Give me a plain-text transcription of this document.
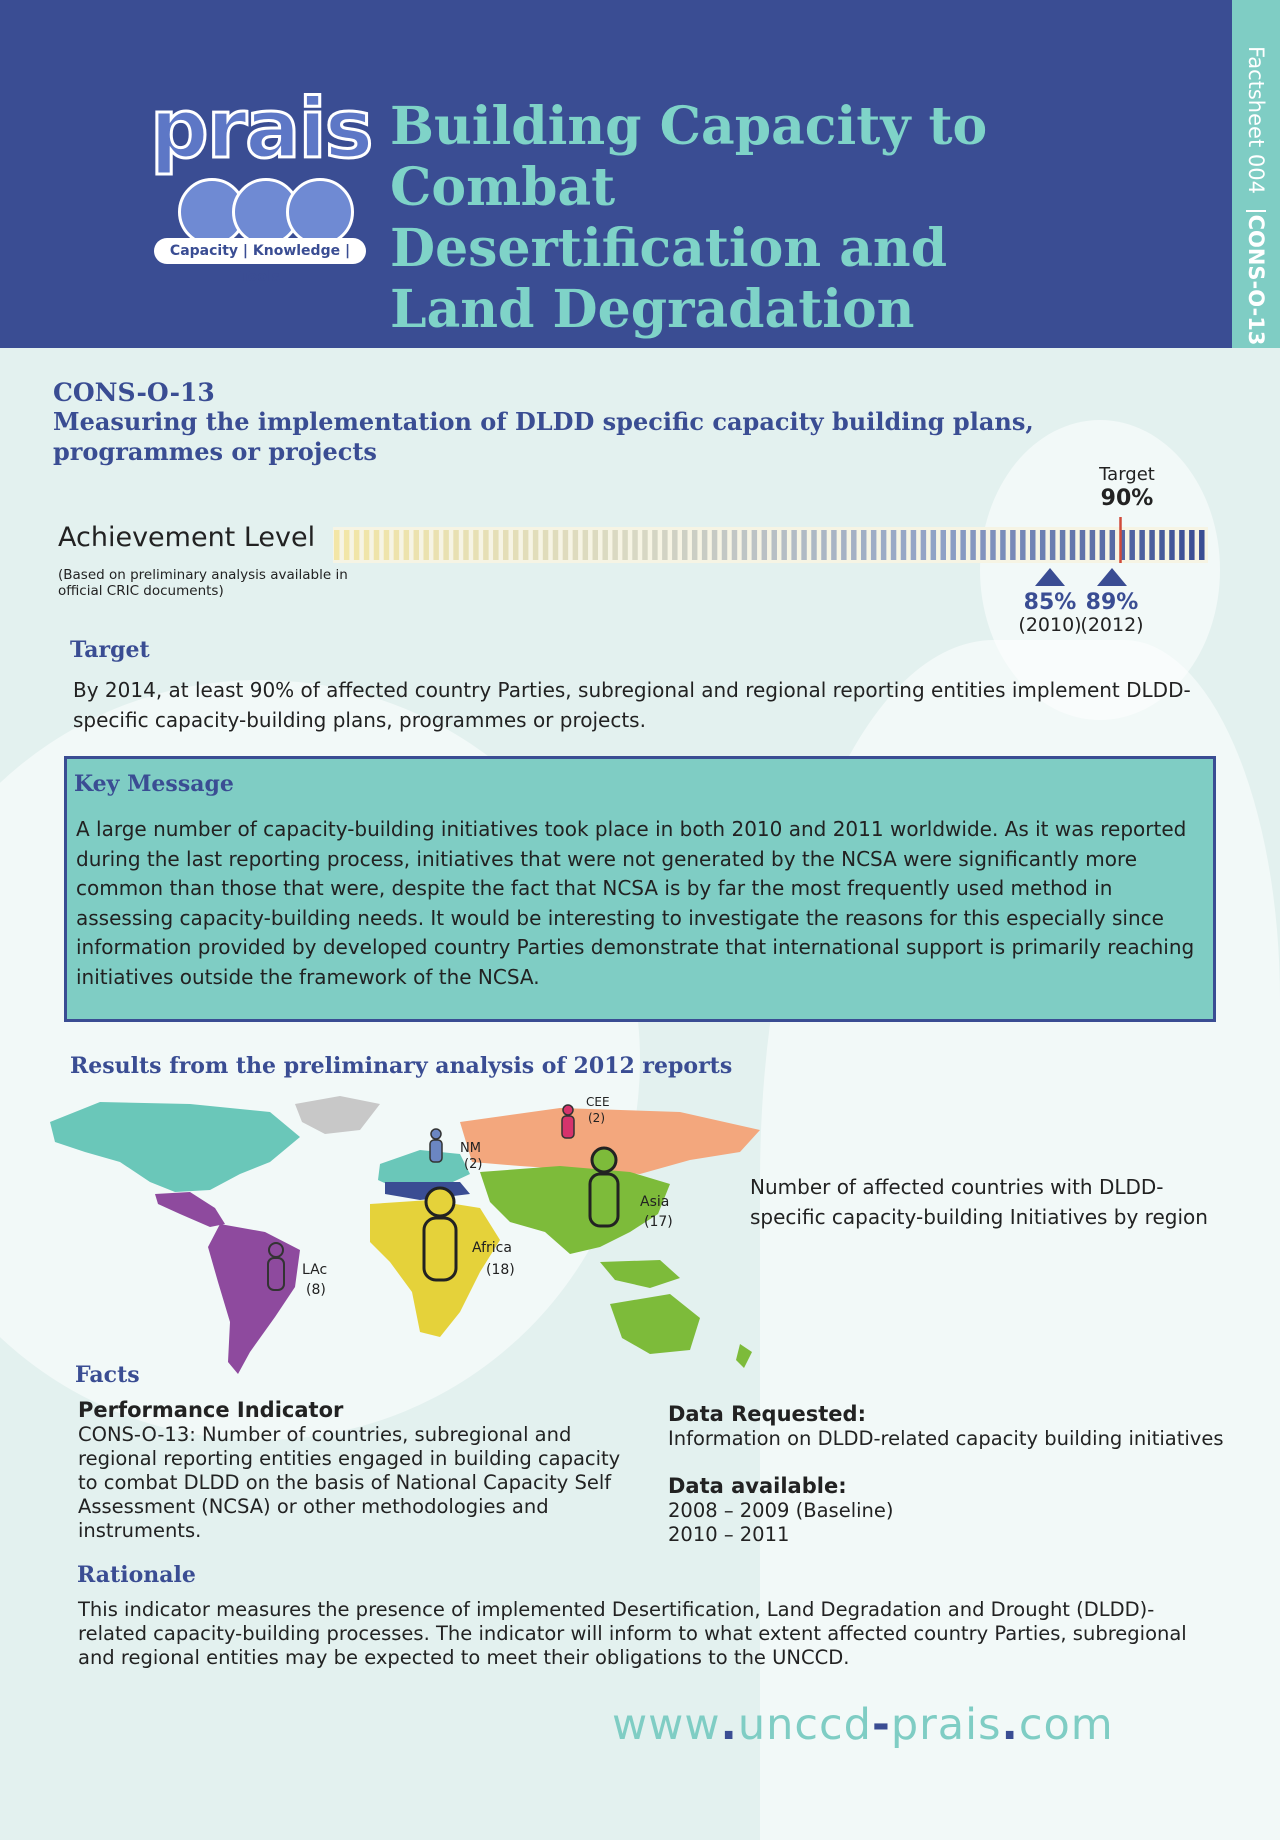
prais
Capacity | Knowledge | Tools
Building Capacity to Combat Desertification and Land Degradation
Factsheet 004
CONS-O-13
CONS-O-13
Measuring the implementation of DLDD specific capacity building plans, programmes or projects
Achievement Level
(Based on preliminary analysis available in official CRIC documents)
Target
90%
85%
(2010)
89%
(2012)
Target

By 2014, at least 90% of affected country Parties, subregional and regional reporting entities implement DLDD-specific capacity-building plans, programmes or projects.

Key Message

A large number of capacity-building initiatives took place in both 2010 and 2011 worldwide. As it was reported during the last reporting process, initiatives that were not generated by the NCSA were significantly more common than those that were, despite the fact that NCSA is by far the most frequently used method in assessing capacity-building needs. It would be interesting to investigate the reasons for this especially since information provided by developed country Parties demonstrate that international support is primarily reaching initiatives outside the framework of the NCSA.

Results from the preliminary analysis of 2012 reports
CEE
(2)
NM
(2)
Asia
(17)
Africa
(18)
LAc
(8)
Number of affected countries with DLDD-specific capacity-building Initiatives by region
Facts
Performance Indicator

CONS-O-13: Number of countries, subregional and regional reporting entities engaged in building capacity to combat DLDD on the basis of National Capacity Self Assessment (NCSA) or other methodologies and instruments.

Data Requested:

Information on DLDD-related capacity building initiatives

Data available:

2008 – 2009 (Baseline)

2010 – 2011

Rationale

This indicator measures the presence of implemented Desertification, Land Degradation and Drought (DLDD)-related capacity-building processes. The indicator will inform to what extent affected country Parties, subregional and regional entities may be expected to meet their obligations to the UNCCD.

www.unccd-prais.com
